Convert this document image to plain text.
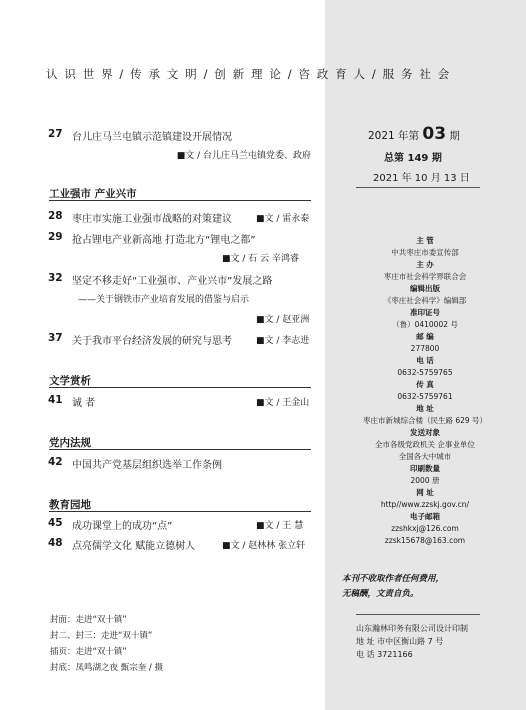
认 识 世 界 / 传 承 文 明 / 创 新 理 论 / 咨 政 育 人 / 服 务 社 会
27 台儿庄马兰屯镇示范镇建设开展情况
■文 / 台儿庄马兰屯镇党委、政府
工业强市 产业兴市
28 枣庄市实施工业强市战略的对策建议	■文 / 雷永泰
29 抢占锂电产业新高地 打造北方“锂电之都”
■文 / 石 云 辛鸿睿
32 坚定不移走好“工业强市、产业兴市”发展之路
——关于钢铁市产业培育发展的借鉴与启示
■文 / 赵亚洲
37 关于我市平台经济发展的研究与思考	■文 / 李志进
文学赏析
41 诚 者	■文 / 王金山
党内法规
42 中国共产党基层组织选举工作条例
教育园地
45 成功课堂上的成功“点”	■文 / 王 慧
48 点亮儒学文化 赋能立德树人	■文 / 赵林林 张立轩
封面：走进“双十镇”
封二、封三：走进“双十镇”
插页：走进“双十镇”
封底：凤鸣湖之夜 甄宗奎 / 摄
2021 年第 03 期
总第 149 期
2021 年 10 月 13 日
主 管
中共枣庄市委宣传部
主 办
枣庄市社会科学界联合会
编辑出版
《枣庄社会科学》编辑部
准印证号
（鲁）0410002 号
邮 编
277800
电 话
0632-5759765
传 真
0632-5759761
地 址
枣庄市新城综合楼（民生路 629 号）
发送对象
全市各级党政机关 企事业单位
全国各大中城市
印刷数量
2000 册
网 址
http//www.zzskj.gov.cn/
电子邮箱
zzshkxj@126.com
zzsk15678@163.com
本刊不收取作者任何费用，
无稿酬，文责自负。
山东瀚林印务有限公司设计印制
地 址 市中区衡山路 7 号
电 话 3721166
